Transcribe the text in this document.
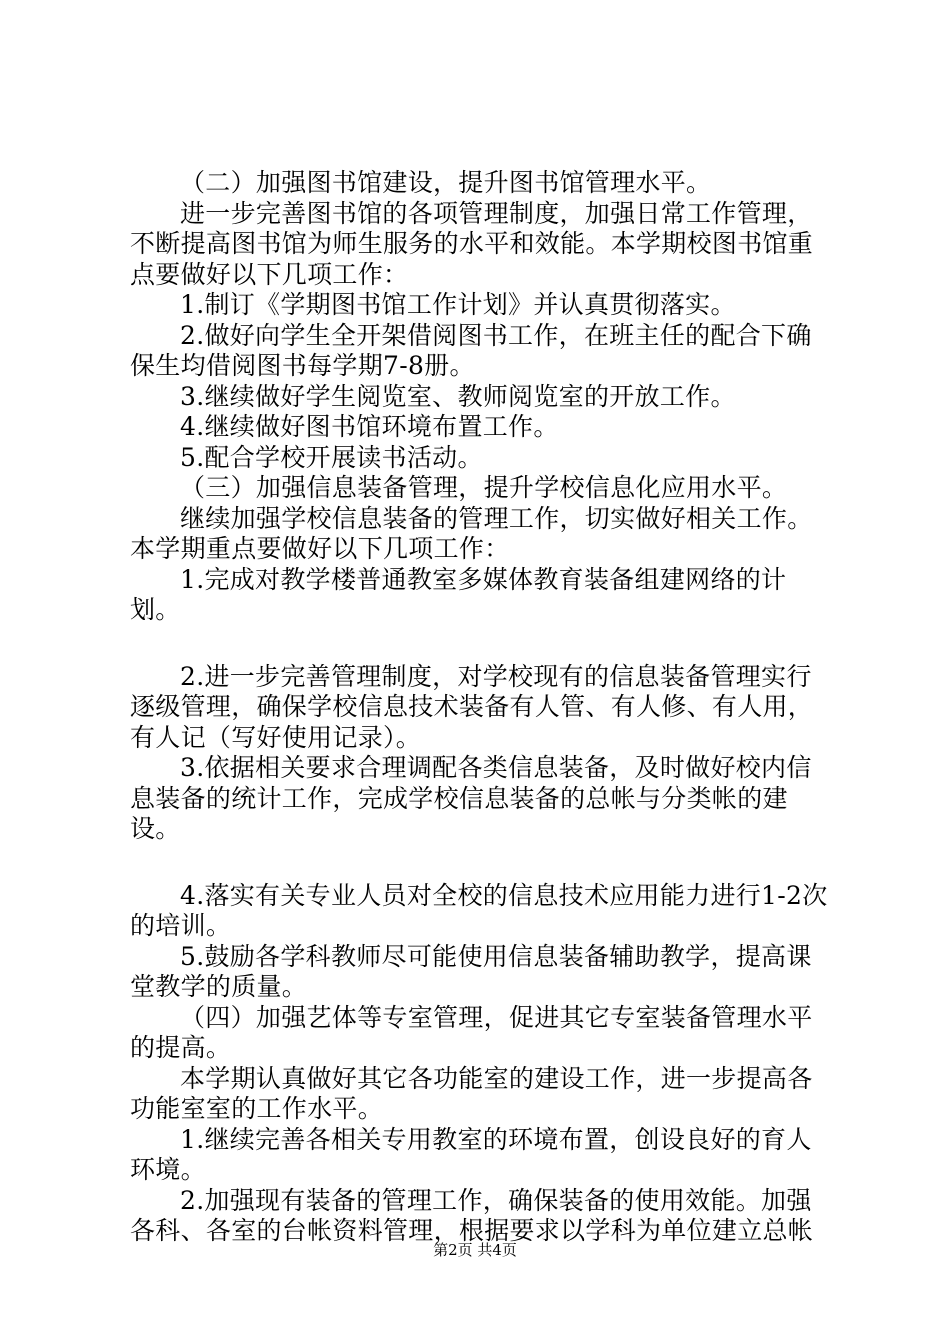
（二）加强图书馆建设，提升图书馆管理水平。

进一步完善图书馆的各项管理制度，加强日常工作管理，不断提高图书馆为师生服务的水平和效能。本学期校图书馆重点要做好以下几项工作：

1.制订《学期图书馆工作计划》并认真贯彻落实。

2.做好向学生全开架借阅图书工作，在班主任的配合下确保生均借阅图书每学期7-8册。

3.继续做好学生阅览室、教师阅览室的开放工作。

4.继续做好图书馆环境布置工作。

5.配合学校开展读书活动。

（三）加强信息装备管理，提升学校信息化应用水平。

继续加强学校信息装备的管理工作，切实做好相关工作。本学期重点要做好以下几项工作：

1.完成对教学楼普通教室多媒体教育装备组建网络的计划。

2.进一步完善管理制度，对学校现有的信息装备管理实行逐级管理，确保学校信息技术装备有人管、有人修、有人用，有人记（写好使用记录）。

3.依据相关要求合理调配各类信息装备，及时做好校内信息装备的统计工作，完成学校信息装备的总帐与分类帐的建设。

4.落实有关专业人员对全校的信息技术应用能力进行1-2次的培训。

5.鼓励各学科教师尽可能使用信息装备辅助教学，提高课堂教学的质量。

（四）加强艺体等专室管理，促进其它专室装备管理水平的提高。

本学期认真做好其它各功能室的建设工作，进一步提高各功能室室的工作水平。

1.继续完善各相关专用教室的环境布置，创设良好的育人环境。

2.加强现有装备的管理工作，确保装备的使用效能。加强各科、各室的台帐资料管理，根据要求以学科为单位建立总帐

第2页 共4页
